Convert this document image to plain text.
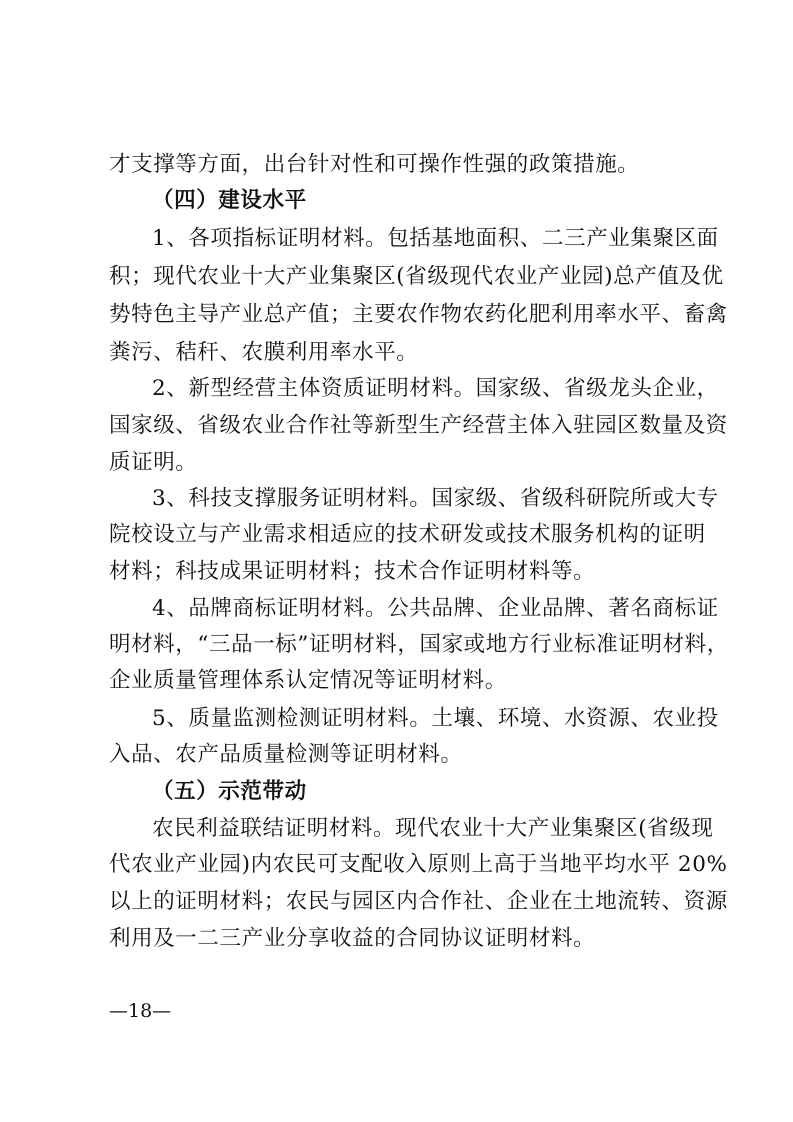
才支撑等方面，出台针对性和可操作性强的政策措施。
（四）建设水平
1、各项指标证明材料。包括基地面积、二三产业集聚区面
积；现代农业十大产业集聚区(省级现代农业产业园)总产值及优
势特色主导产业总产值；主要农作物农药化肥利用率水平、畜禽
粪污、秸秆、农膜利用率水平。
2、新型经营主体资质证明材料。国家级、省级龙头企业，
国家级、省级农业合作社等新型生产经营主体入驻园区数量及资
质证明。
3、科技支撑服务证明材料。国家级、省级科研院所或大专
院校设立与产业需求相适应的技术研发或技术服务机构的证明
材料；科技成果证明材料；技术合作证明材料等。
4、品牌商标证明材料。公共品牌、企业品牌、著名商标证
明材料，“三品一标”证明材料，国家或地方行业标准证明材料，
企业质量管理体系认定情况等证明材料。
5、质量监测检测证明材料。土壤、环境、水资源、农业投
入品、农产品质量检测等证明材料。
（五）示范带动
农民利益联结证明材料。现代农业十大产业集聚区(省级现
代农业产业园)内农民可支配收入原则上高于当地平均水平 20%
以上的证明材料；农民与园区内合作社、企业在土地流转、资源
利用及一二三产业分享收益的合同协议证明材料。
—18—
